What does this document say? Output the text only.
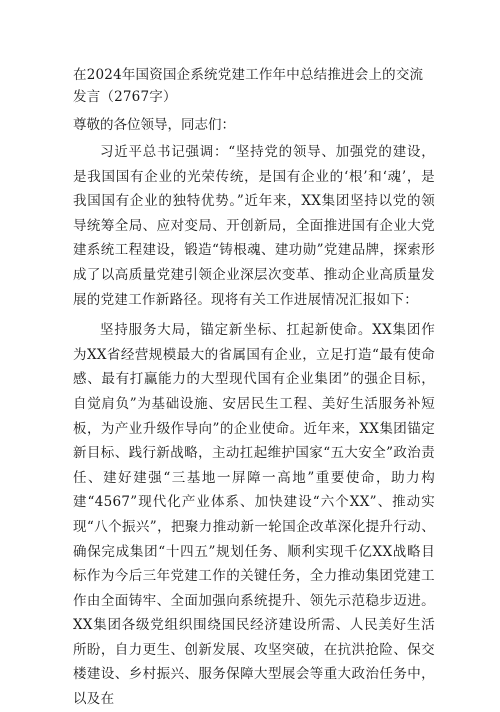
在2024年国资国企系统党建工作年中总结推进会上的交流发言（2767字）

尊敬的各位领导，同志们：

习近平总书记强调：“坚持党的领导、加强党的建设，是我国国有企业的光荣传统，是国有企业的‘根’和‘魂’，是我国国有企业的独特优势。”近年来，XX集团坚持以党的领导统筹全局、应对变局、开创新局，全面推进国有企业大党建系统工程建设，锻造“铸根魂、建功勋”党建品牌，探索形成了以高质量党建引领企业深层次变革、推动企业高质量发展的党建工作新路径。现将有关工作进展情况汇报如下：

坚持服务大局，锚定新坐标、扛起新使命。XX集团作为XX省经营规模最大的省属国有企业，立足打造“最有使命感、最有打赢能力的大型现代国有企业集团”的强企目标，自觉肩负”为基础设施、安居民生工程、美好生活服务补短板，为产业升级作导向”的企业使命。近年来，XX集团锚定新目标、践行新战略，主动扛起维护国家“五大安全”政治责任、建好建强“三基地一屏障一高地”重要使命，助力构建“4567”现代化产业体系、加快建设“六个XX”、推动实现“八个振兴”，把聚力推动新一轮国企改革深化提升行动、确保完成集团“十四五”规划任务、顺利实现千亿XX战略目标作为今后三年党建工作的关键任务，全力推动集团党建工作由全面铸牢、全面加强向系统提升、领先示范稳步迈进。XX集团各级党组织围绕国民经济建设所需、人民美好生活所盼，自力更生、创新发展、攻坚突破，在抗洪抢险、保交楼建设、乡村振兴、服务保障大型展会等重大政治任务中，以及在
